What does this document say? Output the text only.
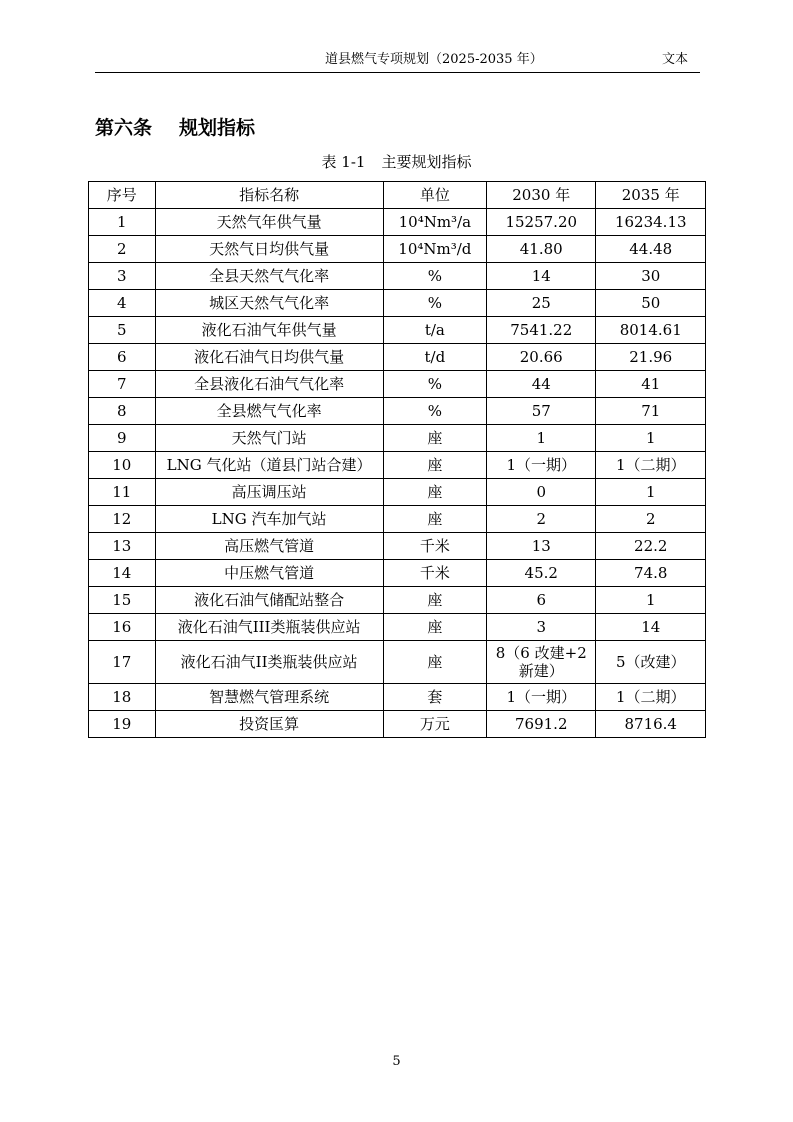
道县燃气专项规划（2025-2035 年）	文本
第六条 规划指标
表 1-1 主要规划指标
序号	指标名称	单位	2030 年	2035 年
1	天然气年供气量	10⁴Nm³/a	15257.20	16234.13
2	天然气日均供气量	10⁴Nm³/d	41.80	44.48
3	全县天然气气化率	%	14	30
4	城区天然气气化率	%	25	50
5	液化石油气年供气量	t/a	7541.22	8014.61
6	液化石油气日均供气量	t/d	20.66	21.96
7	全县液化石油气气化率	%	44	41
8	全县燃气气化率	%	57	71
9	天然气门站	座	1	1
10	LNG 气化站（道县门站合建）	座	1（一期）	1（二期）
11	高压调压站	座	0	1
12	LNG 汽车加气站	座	2	2
13	高压燃气管道	千米	13	22.2
14	中压燃气管道	千米	45.2	74.8
15	液化石油气储配站整合	座	6	1
16	液化石油气III类瓶装供应站	座	3	14
17	液化石油气II类瓶装供应站	座	8（6 改建+2 新建）	5（改建）
18	智慧燃气管理系统	套	1（一期）	1（二期）
19	投资匡算	万元	7691.2	8716.4
5
